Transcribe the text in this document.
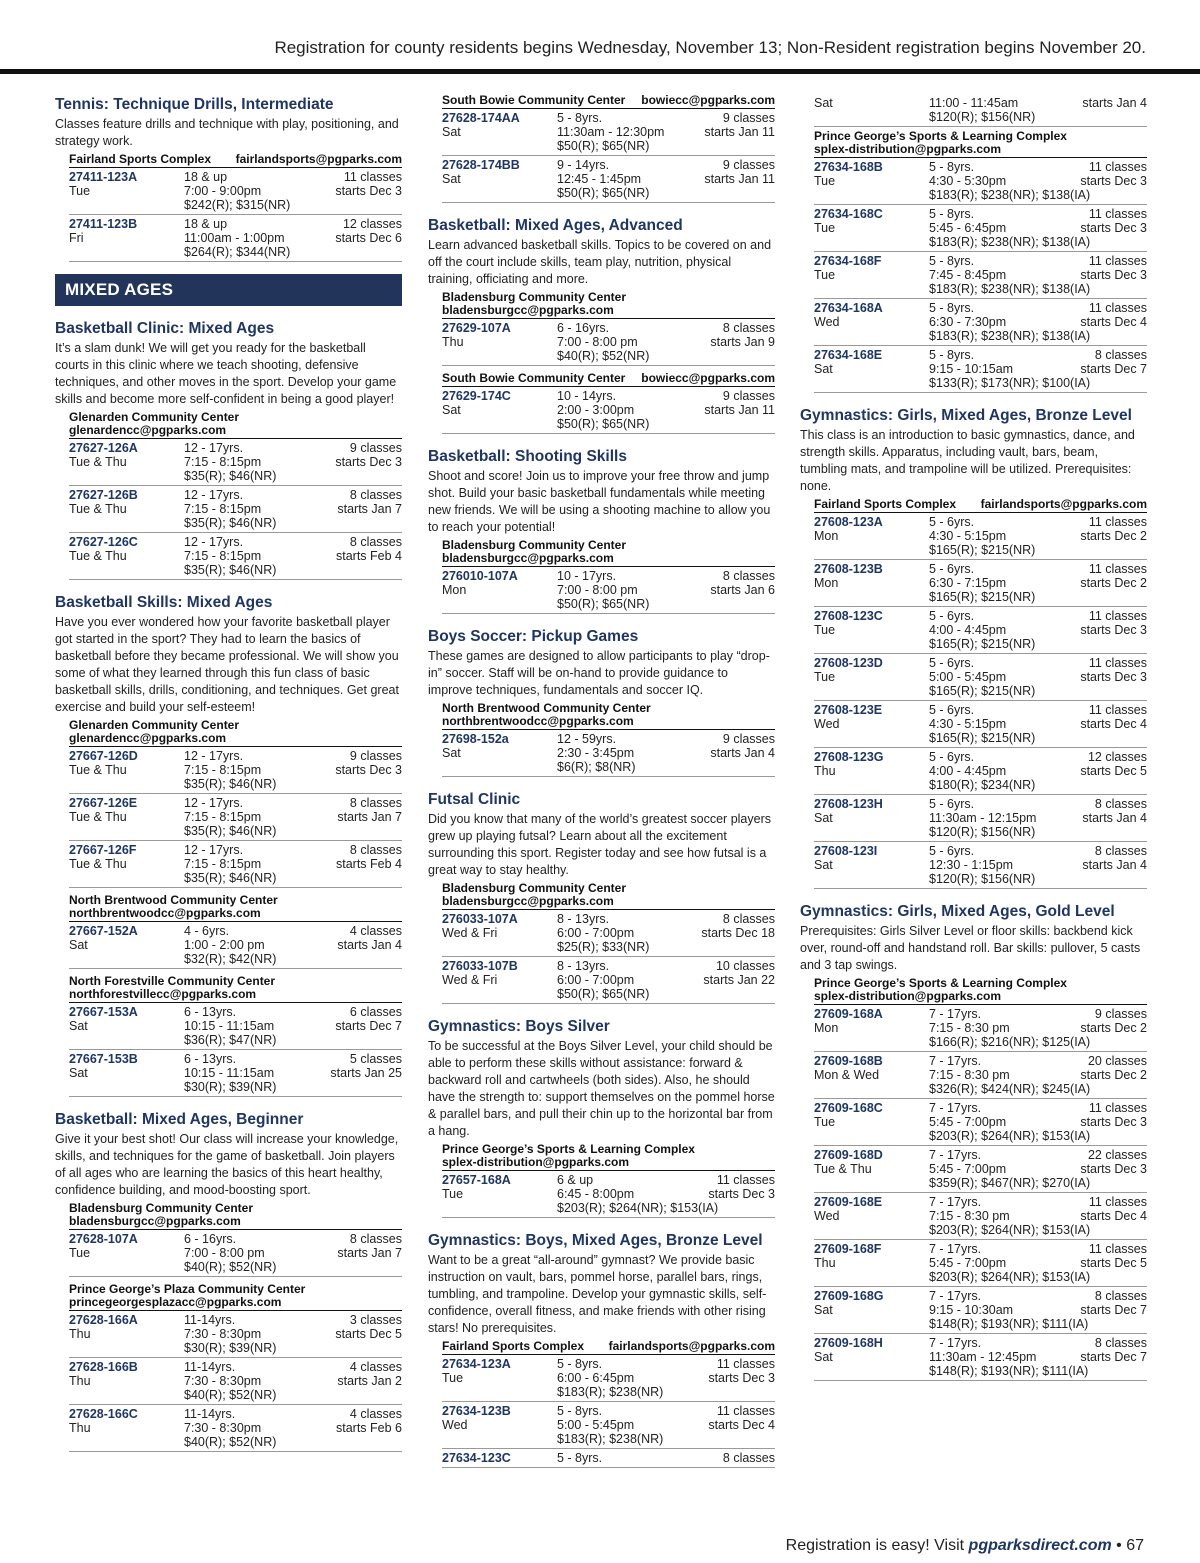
Registration for county residents begins Wednesday, November 13; Non-Resident registration begins November 20.
Tennis: Technique Drills, Intermediate
Classes feature drills and technique with play, positioning, and strategy work.
Fairland Sports Complex fairlandsports@pgparks.com
27411-123A	18 & up	11 classes
Tue	7:00 - 9:00pm	starts Dec 3
$242(R); $315(NR)
27411-123B	18 & up	12 classes
Fri	11:00am - 1:00pm	starts Dec 6
$264(R); $344(NR)
MIXED AGES
Basketball Clinic: Mixed Ages
It’s a slam dunk! We will get you ready for the basketball courts in this clinic where we teach shooting, defensive techniques, and other moves in the sport. Develop your game skills and become more self-confident in being a good player!
Glenarden Community Center
glenardencc@pgparks.com
27627-126A	12 - 17yrs.	9 classes
Tue & Thu	7:15 - 8:15pm	starts Dec 3
$35(R); $46(NR)
27627-126B	12 - 17yrs.	8 classes
Tue & Thu	7:15 - 8:15pm	starts Jan 7
$35(R); $46(NR)
27627-126C	12 - 17yrs.	8 classes
Tue & Thu	7:15 - 8:15pm	starts Feb 4
$35(R); $46(NR)
Basketball Skills: Mixed Ages
Have you ever wondered how your favorite basketball player got started in the sport? They had to learn the basics of basketball before they became professional. We will show you some of what they learned through this fun class of basic basketball skills, drills, conditioning, and techniques. Get great exercise and build your self-esteem!
Glenarden Community Center
glenardencc@pgparks.com
27667-126D	12 - 17yrs.	9 classes
Tue & Thu	7:15 - 8:15pm	starts Dec 3
$35(R); $46(NR)
27667-126E	12 - 17yrs.	8 classes
Tue & Thu	7:15 - 8:15pm	starts Jan 7
$35(R); $46(NR)
27667-126F	12 - 17yrs.	8 classes
Tue & Thu	7:15 - 8:15pm	starts Feb 4
$35(R); $46(NR)
North Brentwood Community Center
northbrentwoodcc@pgparks.com
27667-152A	4 - 6yrs.	4 classes
Sat	1:00 - 2:00 pm	starts Jan 4
$32(R); $42(NR)
North Forestville Community Center
northforestvillecc@pgparks.com
27667-153A	6 - 13yrs.	6 classes
Sat	10:15 - 11:15am	starts Dec 7
$36(R); $47(NR)
27667-153B	6 - 13yrs.	5 classes
Sat	10:15 - 11:15am	starts Jan 25
$30(R); $39(NR)
Basketball: Mixed Ages, Beginner
Give it your best shot! Our class will increase your knowledge, skills, and techniques for the game of basketball. Join players of all ages who are learning the basics of this heart healthy, confidence building, and mood-boosting sport.
Bladensburg Community Center
bladensburgcc@pgparks.com
27628-107A	6 - 16yrs.	8 classes
Tue	7:00 - 8:00 pm	starts Jan 7
$40(R); $52(NR)
Prince George’s Plaza Community Center
princegeorgesplazacc@pgparks.com
27628-166A	11-14yrs.	3 classes
Thu	7:30 - 8:30pm	starts Dec 5
$30(R); $39(NR)
27628-166B	11-14yrs.	4 classes
Thu	7:30 - 8:30pm	starts Jan 2
$40(R); $52(NR)
27628-166C	11-14yrs.	4 classes
Thu	7:30 - 8:30pm	starts Feb 6
$40(R); $52(NR)
South Bowie Community Center bowiecc@pgparks.com
27628-174AA	5 - 8yrs.	9 classes
Sat	11:30am - 12:30pm	starts Jan 11
$50(R); $65(NR)
27628-174BB	9 - 14yrs.	9 classes
Sat	12:45 - 1:45pm	starts Jan 11
$50(R); $65(NR)
Basketball: Mixed Ages, Advanced
Learn advanced basketball skills. Topics to be covered on and off the court include skills, team play, nutrition, physical training, officiating and more.
Bladensburg Community Center
bladensburgcc@pgparks.com
27629-107A	6 - 16yrs.	8 classes
Thu	7:00 - 8:00 pm	starts Jan 9
$40(R); $52(NR)
South Bowie Community Center bowiecc@pgparks.com
27629-174C	10 - 14yrs.	9 classes
Sat	2:00 - 3:00pm	starts Jan 11
$50(R); $65(NR)
Basketball: Shooting Skills
Shoot and score! Join us to improve your free throw and jump shot. Build your basic basketball fundamentals while meeting new friends. We will be using a shooting machine to allow you to reach your potential!
Bladensburg Community Center
bladensburgcc@pgparks.com
276010-107A	10 - 17yrs.	8 classes
Mon	7:00 - 8:00 pm	starts Jan 6
$50(R); $65(NR)
Boys Soccer: Pickup Games
These games are designed to allow participants to play “drop-in” soccer. Staff will be on-hand to provide guidance to improve techniques, fundamentals and soccer IQ.
North Brentwood Community Center
northbrentwoodcc@pgparks.com
27698-152a	12 - 59yrs.	9 classes
Sat	2:30 - 3:45pm	starts Jan 4
$6(R); $8(NR)
Futsal Clinic
Did you know that many of the world’s greatest soccer players grew up playing futsal? Learn about all the excitement surrounding this sport. Register today and see how futsal is a great way to stay healthy.
Bladensburg Community Center
bladensburgcc@pgparks.com
276033-107A	8 - 13yrs.	8 classes
Wed & Fri	6:00 - 7:00pm	starts Dec 18
$25(R); $33(NR)
276033-107B	8 - 13yrs.	10 classes
Wed & Fri	6:00 - 7:00pm	starts Jan 22
$50(R); $65(NR)
Gymnastics: Boys Silver
To be successful at the Boys Silver Level, your child should be able to perform these skills without assistance: forward & backward roll and cartwheels (both sides). Also, he should have the strength to: support themselves on the pommel horse & parallel bars, and pull their chin up to the horizontal bar from a hang.
Prince George’s Sports & Learning Complex
splex-distribution@pgparks.com
27657-168A	6 & up	11 classes
Tue	6:45 - 8:00pm	starts Dec 3
$203(R); $264(NR); $153(IA)
Gymnastics: Boys, Mixed Ages, Bronze Level
Want to be a great “all-around” gymnast? We provide basic instruction on vault, bars, pommel horse, parallel bars, rings, tumbling, and trampoline. Develop your gymnastic skills, self-confidence, overall fitness, and make friends with other rising stars! No prerequisites.
Fairland Sports Complex fairlandsports@pgparks.com
27634-123A	5 - 8yrs.	11 classes
Tue	6:00 - 6:45pm	starts Dec 3
$183(R); $238(NR)
27634-123B	5 - 8yrs.	11 classes
Wed	5:00 - 5:45pm	starts Dec 4
$183(R); $238(NR)
27634-123C	5 - 8yrs.	8 classes
Sat	11:00 - 11:45am	starts Jan 4
$120(R); $156(NR)
Prince George’s Sports & Learning Complex
splex-distribution@pgparks.com
27634-168B	5 - 8yrs.	11 classes
Tue	4:30 - 5:30pm	starts Dec 3
$183(R); $238(NR); $138(IA)
27634-168C	5 - 8yrs.	11 classes
Tue	5:45 - 6:45pm	starts Dec 3
$183(R); $238(NR); $138(IA)
27634-168F	5 - 8yrs.	11 classes
Tue	7:45 - 8:45pm	starts Dec 3
$183(R); $238(NR); $138(IA)
27634-168A	5 - 8yrs.	11 classes
Wed	6:30 - 7:30pm	starts Dec 4
$183(R); $238(NR); $138(IA)
27634-168E	5 - 8yrs.	8 classes
Sat	9:15 - 10:15am	starts Dec 7
$133(R); $173(NR); $100(IA)
Gymnastics: Girls, Mixed Ages, Bronze Level
This class is an introduction to basic gymnastics, dance, and strength skills. Apparatus, including vault, bars, beam, tumbling mats, and trampoline will be utilized. Prerequisites: none.
Fairland Sports Complex fairlandsports@pgparks.com
27608-123A	5 - 6yrs.	11 classes
Mon	4:30 - 5:15pm	starts Dec 2
$165(R); $215(NR)
27608-123B	5 - 6yrs.	11 classes
Mon	6:30 - 7:15pm	starts Dec 2
$165(R); $215(NR)
27608-123C	5 - 6yrs.	11 classes
Tue	4:00 - 4:45pm	starts Dec 3
$165(R); $215(NR)
27608-123D	5 - 6yrs.	11 classes
Tue	5:00 - 5:45pm	starts Dec 3
$165(R); $215(NR)
27608-123E	5 - 6yrs.	11 classes
Wed	4:30 - 5:15pm	starts Dec 4
$165(R); $215(NR)
27608-123G	5 - 6yrs.	12 classes
Thu	4:00 - 4:45pm	starts Dec 5
$180(R); $234(NR)
27608-123H	5 - 6yrs.	8 classes
Sat	11:30am - 12:15pm	starts Jan 4
$120(R); $156(NR)
27608-123I	5 - 6yrs.	8 classes
Sat	12:30 - 1:15pm	starts Jan 4
$120(R); $156(NR)
Gymnastics: Girls, Mixed Ages, Gold Level
Prerequisites: Girls Silver Level or floor skills: backbend kick over, round-off and handstand roll. Bar skills: pullover, 5 casts and 3 tap swings.
Prince George’s Sports & Learning Complex
splex-distribution@pgparks.com
27609-168A	7 - 17yrs.	9 classes
Mon	7:15 - 8:30 pm	starts Dec 2
$166(R); $216(NR); $125(IA)
27609-168B	7 - 17yrs.	20 classes
Mon & Wed	7:15 - 8:30 pm	starts Dec 2
$326(R); $424(NR); $245(IA)
27609-168C	7 - 17yrs.	11 classes
Tue	5:45 - 7:00pm	starts Dec 3
$203(R); $264(NR); $153(IA)
27609-168D	7 - 17yrs.	22 classes
Tue & Thu	5:45 - 7:00pm	starts Dec 3
$359(R); $467(NR); $270(IA)
27609-168E	7 - 17yrs.	11 classes
Wed	7:15 - 8:30 pm	starts Dec 4
$203(R); $264(NR); $153(IA)
27609-168F	7 - 17yrs.	11 classes
Thu	5:45 - 7:00pm	starts Dec 5
$203(R); $264(NR); $153(IA)
27609-168G	7 - 17yrs.	8 classes
Sat	9:15 - 10:30am	starts Dec 7
$148(R); $193(NR); $111(IA)
27609-168H	7 - 17yrs.	8 classes
Sat	11:30am - 12:45pm	starts Dec 7
$148(R); $193(NR); $111(IA)
Registration is easy! Visit pgparksdirect.com • 67
